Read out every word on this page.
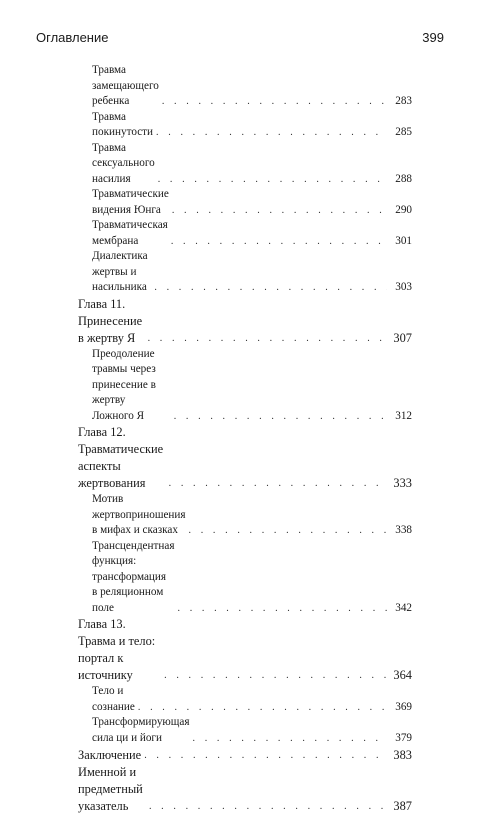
Оглавление	399
Травма замещающего ребенка . . .	283
Травма покинутости . . .	285
Травма сексуального насилия . . .	288
Травматические видения Юнга . . .	290
Травматическая мембрана . . .	301
Диалектика жертвы и насильника . . .	303
Глава 11. Принесение в жертву Я . . .	307
Преодоление травмы через принесение в жертву
Ложного Я . . .	312
Глава 12. Травматические аспекты жертвования . . .	333
Мотив жертвоприношения в мифах и сказках . . .	338
Трансцендентная функция: трансформация
в реляционном поле . . .	342
Глава 13. Травма и тело: портал к источнику . . .	364
Тело и сознание . . .	369
Трансформирующая сила ци и йоги . . .	379
Заключение . . .	383
Именной и предметный указатель . . .	387
